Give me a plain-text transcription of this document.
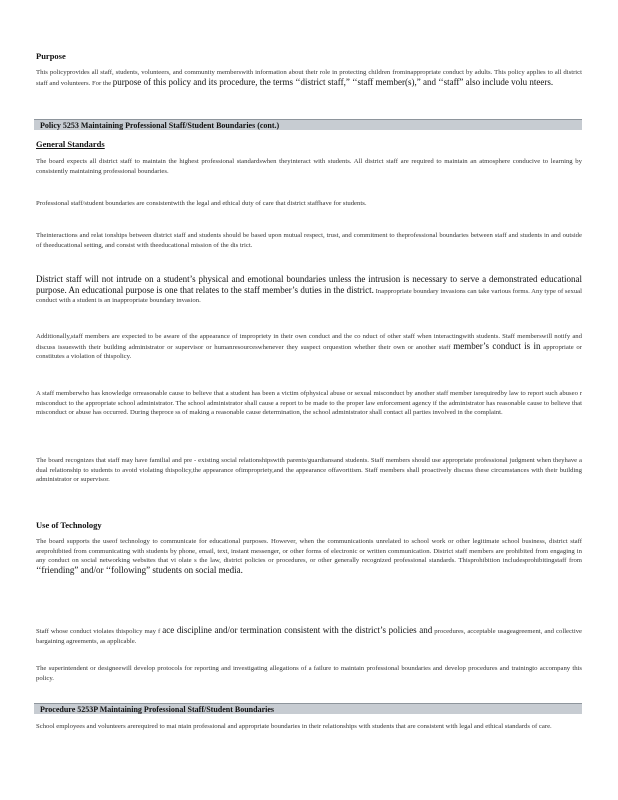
Purpose
This policyprovides all staff, students, volunteers, and community memberswith information about their role in protecting children frominappropriate conduct by adults. This policy applies to all district staff and volunteers. For the purpose of this policy and its procedure, the terms ‘‘district staff,” ‘‘staff member(s),” and ‘‘staff” also include volu nteers.
Policy 5253 Maintaining Professional Staff/Student Boundaries (cont.)
General Standards
The board expects all district staff to maintain the highest professional standardswhen theyinteract with students. All district staff are required to maintain an atmosphere conducive to learning by consistently maintaining professional boundaries.
Professional staff/student boundaries are consistentwith the legal and ethical duty of care that district staffhave for students.
Theinteractions and relat ionships between district staff and students should be based upon mutual respect, trust, and commitment to theprofessional boundaries between staff and students in and outside of theeducational setting, and consist with theeducational mission of the dis trict.
District staff will not intrude on a student’s physical and emotional boundaries unless the intrusion is necessary to serve a demonstrated educational purpose. An educational purpose is one that relates to the staff member’s duties in the district. Inappropriate boundary invasions can take various forms. Any type of sexual conduct with a student is an inappropriate boundary invasion.
Additionally,staff members are expected to be aware of the appearance of impropriety in their own conduct and the co nduct of other staff when interactingwith students. Staff memberswill notify and discuss issueswith their building administrator or supervisor or humanresourceswhenever they suspect orquestion whether their own or another staff member’s conduct is in appropriate or constitutes a violation of thispolicy.
A staff memberwho has knowledge orreasonable cause to believe that a student has been a victim ofphysical abuse or sexual misconduct by another staff member isrequiredby law to report such abuseo r misconduct to the appropriate school administrator. The school administrator shall cause a report to be made to the proper law enforcement agency if the administrator has reasonable cause to believe that misconduct or abuse has occurred. During theproce ss of making a reasonable cause determination, the school administrator shall contact all parties involved in the complaint.
The board recognizes that staff may have familial and pre - existing social relationshipswith parents/guardiansand students. Staff members should use appropriate professional judgment when theyhave a dual relationship to students to avoid violating thispolicy,the appearance ofimpropriety,and the appearance offavoritism. Staff members shall proactively discuss these circumstances with their building administrator or supervisor.
Use of Technology
The board supports the useof technology to communicate for educational purposes. However, when the communicationis unrelated to school work or other legitimate school business, district staff areprohibited from communicating with students by phone, email, text, instant messenger, or other forms of electronic or written communication. District staff members are prohibited from engaging in any conduct on social networking websites that vi olate s the law, district policies or procedures, or other generally recognized professional standards. Thisprohibition includesprohibitingstaff from ‘‘friending” and/or ‘‘following” students on social media.
Staff whose conduct violates thispolicy may f ace discipline and/or termination consistent with the district’s policies and procedures, acceptable usageagreement, and collective bargaining agreements, as applicable.
The superintendent or designeewill develop protocols for reporting and investigating allegations of a failure to maintain professional boundaries and develop procedures and trainingto accompany this policy.
Procedure 5253P Maintaining Professional Staff/Student Boundaries
School employees and volunteers arerequired to mai ntain professional and appropriate boundaries in their relationships with students that are consistent with legal and ethical standards of care.
